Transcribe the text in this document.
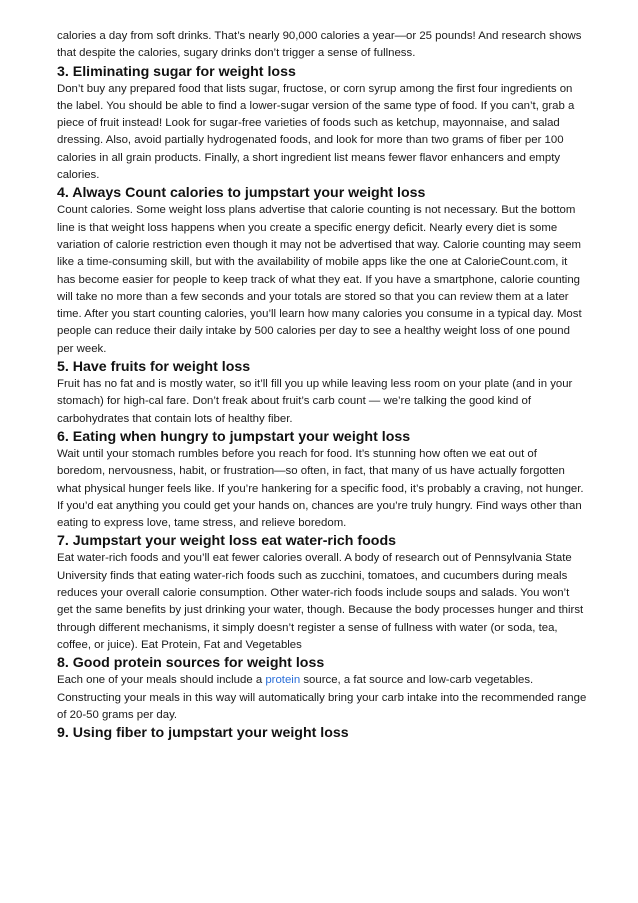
calories a day from soft drinks. That’s nearly 90,000 calories a year—or 25 pounds! And research shows that despite the calories, sugary drinks don’t trigger a sense of fullness.

3. Eliminating sugar for weight loss

Don’t buy any prepared food that lists sugar, fructose, or corn syrup among the first four ingredients on the label. You should be able to find a lower-sugar version of the same type of food. If you can’t, grab a piece of fruit instead! Look for sugar-free varieties of foods such as ketchup, mayonnaise, and salad dressing. Also, avoid partially hydrogenated foods, and look for more than two grams of fiber per 100 calories in all grain products. Finally, a short ingredient list means fewer flavor enhancers and empty calories.

4. Always Count calories to jumpstart your weight loss

Count calories. Some weight loss plans advertise that calorie counting is not necessary. But the bottom line is that weight loss happens when you create a specific energy deficit. Nearly every diet is some variation of calorie restriction even though it may not be advertised that way. Calorie counting may seem like a time-consuming skill, but with the availability of mobile apps like the one at CalorieCount.com, it has become easier for people to keep track of what they eat. If you have a smartphone, calorie counting will take no more than a few seconds and your totals are stored so that you can review them at a later time. After you start counting calories, you’ll learn how many calories you consume in a typical day. Most people can reduce their daily intake by 500 calories per day to see a healthy weight loss of one pound per week.

5. Have fruits for weight loss

Fruit has no fat and is mostly water, so it’ll fill you up while leaving less room on your plate (and in your stomach) for high-cal fare. Don’t freak about fruit’s carb count — we’re talking the good kind of carbohydrates that contain lots of healthy fiber.

6. Eating when hungry to jumpstart your weight loss

Wait until your stomach rumbles before you reach for food. It’s stunning how often we eat out of boredom, nervousness, habit, or frustration—so often, in fact, that many of us have actually forgotten what physical hunger feels like. If you’re hankering for a specific food, it’s probably a craving, not hunger. If you’d eat anything you could get your hands on, chances are you’re truly hungry. Find ways other than eating to express love, tame stress, and relieve boredom.

7. Jumpstart your weight loss eat water-rich foods

Eat water-rich foods and you’ll eat fewer calories overall. A body of research out of Pennsylvania State University finds that eating water-rich foods such as zucchini, tomatoes, and cucumbers during meals reduces your overall calorie consumption. Other water-rich foods include soups and salads. You won’t get the same benefits by just drinking your water, though. Because the body processes hunger and thirst through different mechanisms, it simply doesn’t register a sense of fullness with water (or soda, tea, coffee, or juice). Eat Protein, Fat and Vegetables

8. Good protein sources for weight loss

Each one of your meals should include a protein source, a fat source and low-carb vegetables. Constructing your meals in this way will automatically bring your carb intake into the recommended range of 20-50 grams per day.

9. Using fiber to jumpstart your weight loss
